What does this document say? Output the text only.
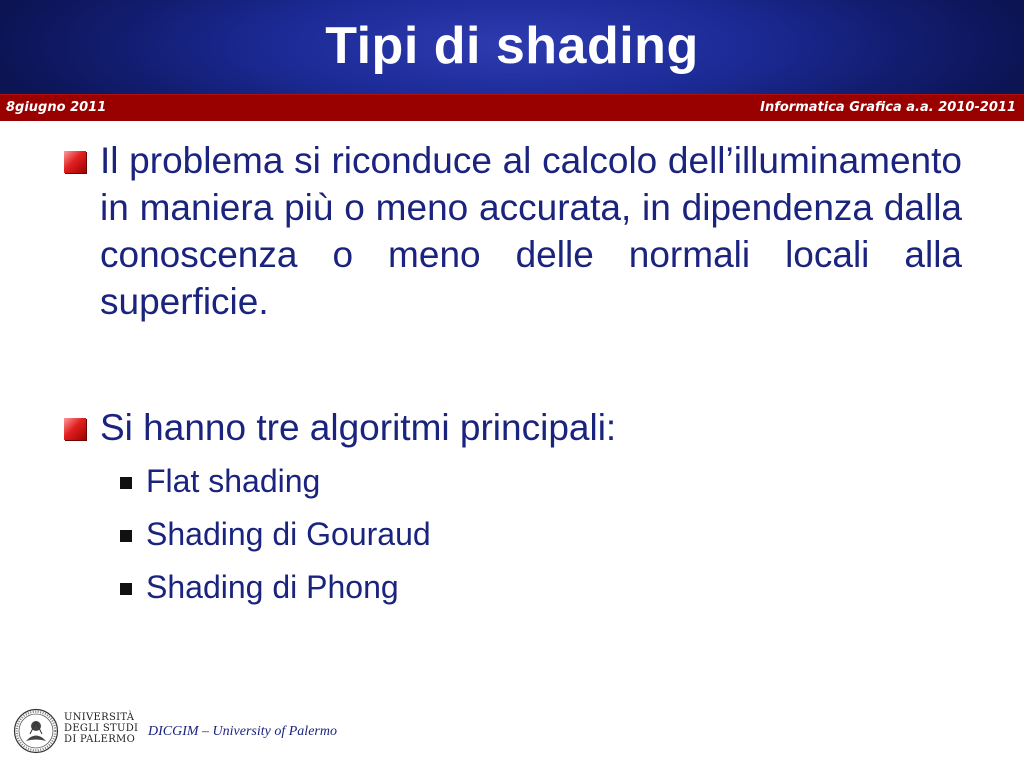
Tipi di shading
8giugno 2011	Informatica Grafica a.a. 2010-2011
Il problema si riconduce al calcolo dell’illuminamento in maniera più o meno accurata, in dipendenza dalla conoscenza o meno delle normali locali alla superficie.
Si hanno tre algoritmi principali:
Flat shading
Shading di Gouraud
Shading di Phong
UNIVERSITÀ
DEGLI STUDI
DI PALERMO
DICGIM – University of Palermo
